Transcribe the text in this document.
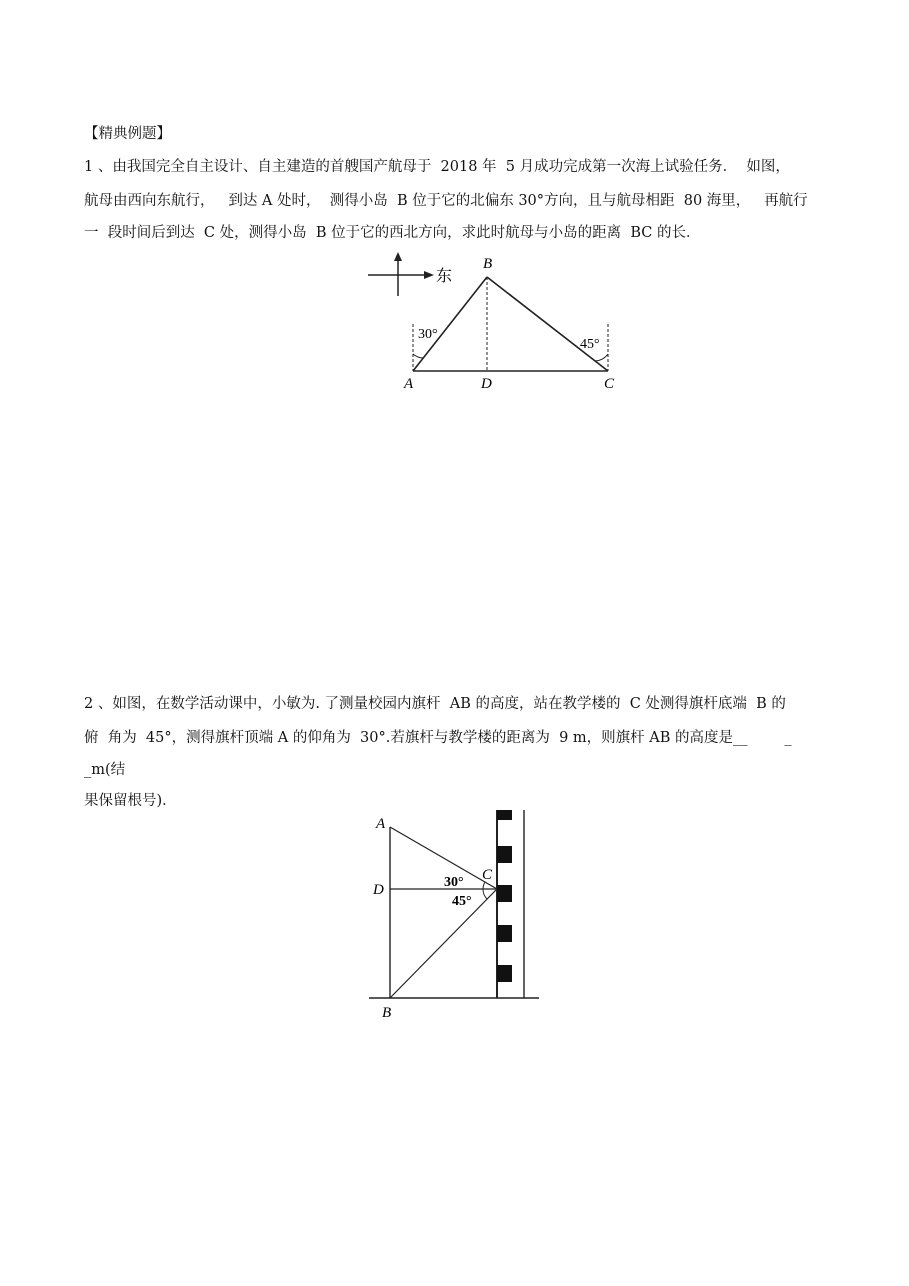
【精典例题】
1 、由我国完全自主设计、自主建造的首艘国产航母于  2018 年  5 月成功完成第一次海上试验任务．  如图，
航母由西向东航行，   到达 A 处时，  测得小岛  B 位于它的北偏东 30°方向，且与航母相距  80 海里，   再航行
一  段时间后到达  C 处，测得小岛  B 位于它的西北方向，求此时航母与小岛的距离  BC 的长．
东
30°
45°
B
A	D	C
2 、如图，在数学活动课中，小敏为. 了测量校园内旗杆  AB 的高度，站在教学楼的  C 处测得旗杆底端  B 的
俯  角为  45°，测得旗杆顶端 A 的仰角为  30°.若旗杆与教学楼的距离为  9 m，则旗杆 AB 的高度是__        _
_m(结
果保留根号)．
30°
45°
A
D
C
B
